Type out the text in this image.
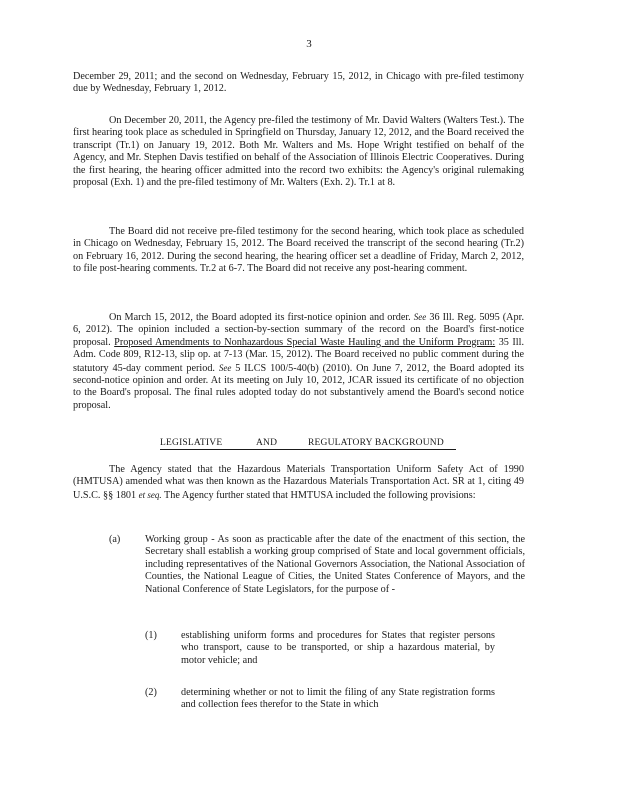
3

December 29, 2011; and the second on Wednesday, February 15, 2012, in Chicago with pre-filed testimony due by Wednesday, February 1, 2012.

On December 20, 2011, the Agency pre-filed the testimony of Mr. David Walters (Walters Test.). The first hearing took place as scheduled in Springfield on Thursday, January 12, 2012, and the Board received the transcript (Tr.1) on January 19, 2012. Both Mr. Walters and Ms. Hope Wright testified on behalf of the Agency, and Mr. Stephen Davis testified on behalf of the Association of Illinois Electric Cooperatives. During the first hearing, the hearing officer admitted into the record two exhibits: the Agency's original rulemaking proposal (Exh. 1) and the pre-filed testimony of Mr. Walters (Exh. 2). Tr.1 at 8.

The Board did not receive pre-filed testimony for the second hearing, which took place as scheduled in Chicago on Wednesday, February 15, 2012. The Board received the transcript of the second hearing (Tr.2) on February 16, 2012. During the second hearing, the hearing officer set a deadline of Friday, March 2, 2012, to file post-hearing comments. Tr.2 at 6-7. The Board did not receive any post-hearing comment.

On March 15, 2012, the Board adopted its first-notice opinion and order. See 36 Ill. Reg. 5095 (Apr. 6, 2012). The opinion included a section-by-section summary of the record on the Board's first-notice proposal. Proposed Amendments to Nonhazardous Special Waste Hauling and the Uniform Program: 35 Ill. Adm. Code 809, R12-13, slip op. at 7-13 (Mar. 15, 2012). The Board received no public comment during the statutory 45-day comment period. See 5 ILCS 100/5-40(b) (2010). On June 7, 2012, the Board adopted its second-notice opinion and order. At its meeting on July 10, 2012, JCAR issued its certificate of no objection to the Board's proposal. The final rules adopted today do not substantively amend the Board's second notice proposal.

LEGISLATIVE	AND	REGULATORY BACKGROUND

The Agency stated that the Hazardous Materials Transportation Uniform Safety Act of 1990 (HMTUSA) amended what was then known as the Hazardous Materials Transportation Act. SR at 1, citing 49 U.S.C. §§ 1801 et seq. The Agency further stated that HMTUSA included the following provisions:

(a) Working group - As soon as practicable after the date of the enactment of this section, the Secretary shall establish a working group comprised of State and local government officials, including representatives of the National Governors Association, the National Association of Counties, the National League of Cities, the United States Conference of Mayors, and the National Conference of State Legislators, for the purpose of -

(1) establishing uniform forms and procedures for States that register persons who transport, cause to be transported, or ship a hazardous material, by motor vehicle; and

(2) determining whether or not to limit the filing of any State registration forms and collection fees therefor to the State in which
